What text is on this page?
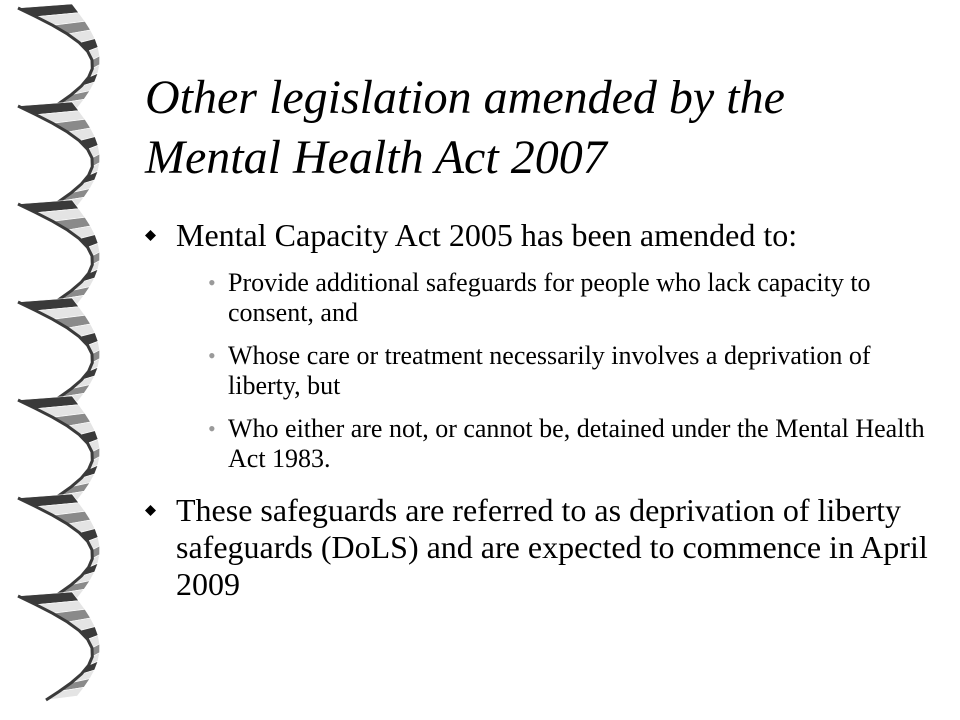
Other legislation amended by the
Mental Health Act 2007
Mental Capacity Act 2005 has been amended to:
• Provide additional safeguards for people who lack capacity to consent, and
• Whose care or treatment necessarily involves a deprivation of liberty, but
• Who either are not, or cannot be, detained under the Mental Health Act 1983.
These safeguards are referred to as deprivation of liberty safeguards (DoLS) and are expected to commence in April 2009
